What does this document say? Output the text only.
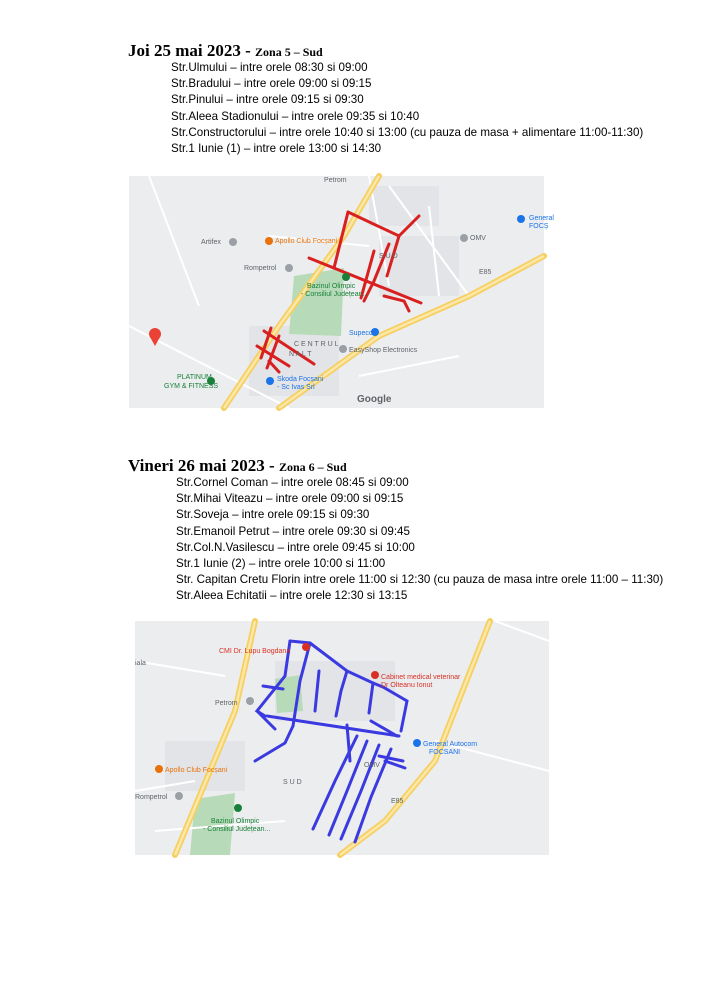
Joi 25 mai 2023 - Zona 5 – Sud
Str.Ulmului – intre orele 08:30 si 09:00
Str.Bradului – intre orele 09:00 si 09:15
Str.Pinului – intre orele 09:15 si 09:30
Str.Aleea Stadionului – intre orele 09:35 si 10:40
Str.Constructorului – intre orele 10:40 si 13:00 (cu pauza de masa + alimentare 11:00-11:30)
Str.1 Iunie (1) – intre orele 13:00 si 14:30
Petrom
General
FOCȘ
Artifex	Apollo Club Focșani	OMV
Rompetrol
S U D
Bazinul Olimpic
- Consiliul Județean...
Supeco
C E N T R U L
N A L T
EasyShop Electronics
PLATINUM
GYM & FITNESS
Skoda Focșani
- Sc Ivas Srl
E85
Google
Vineri 26 mai 2023 - Zona 6 – Sud
Str.Cornel Coman – intre orele 08:45 si 09:00
Str.Mihai Viteazu – intre orele 09:00 si 09:15
Str.Soveja – intre orele 09:15 si 09:30
Str.Emanoil Petrut – intre orele 09:30 si 09:45
Str.Col.N.Vasilescu – intre orele 09:45 si 10:00
Str.1 Iunie (2) – intre orele 10:00 si 11:00
Str. Capitan Cretu Florin intre orele 11:00 si 12:30 (cu pauza de masa intre orele 11:00 – 11:30)
Str.Aleea Echitatii – intre orele 12:30 si 13:15
CMI Dr. Lupu Bogdana
Cabinet medical veterinar
Dr Olteanu Ionut
iala
Petrom
General Autocom
FOCSANI
OMV
Apollo Club Focșani
S U D
Rompetrol
E85
Bazinul Olimpic
- Consiliul Județean...
